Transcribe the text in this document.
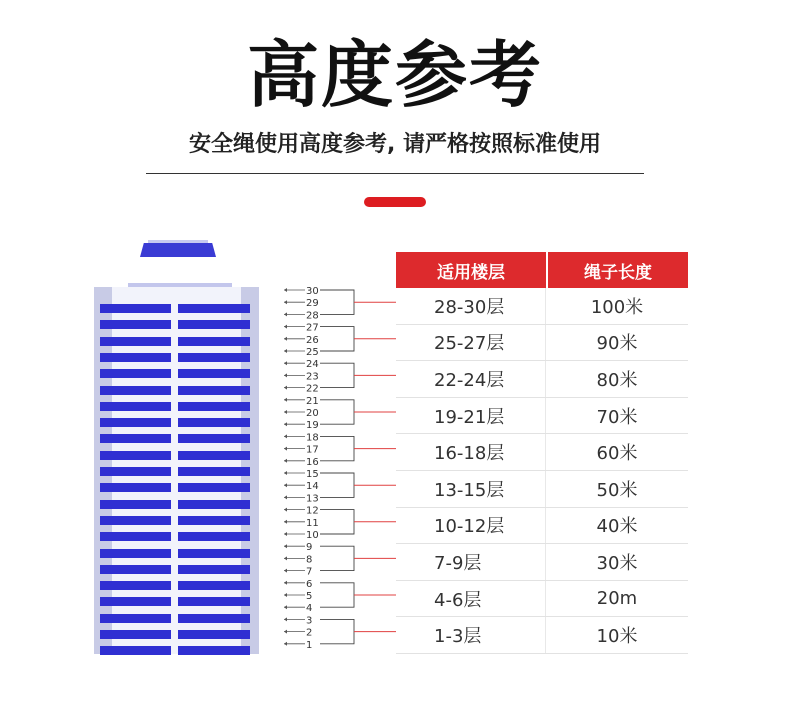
高度参考
安全绳使用高度参考, 请严格按照标准使用
30
29
28
27
26
25
24
23
22
21
20
19
18
17
16
15
14
13
12
11
10
9
8
7
6
5
4
3
2
1
适用楼层	绳子长度
28-30层	100米
25-27层	90米
22-24层	80米
19-21层	70米
16-18层	60米
13-15层	50米
10-12层	40米
7-9层	30米
4-6层	20m
1-3层	10米
